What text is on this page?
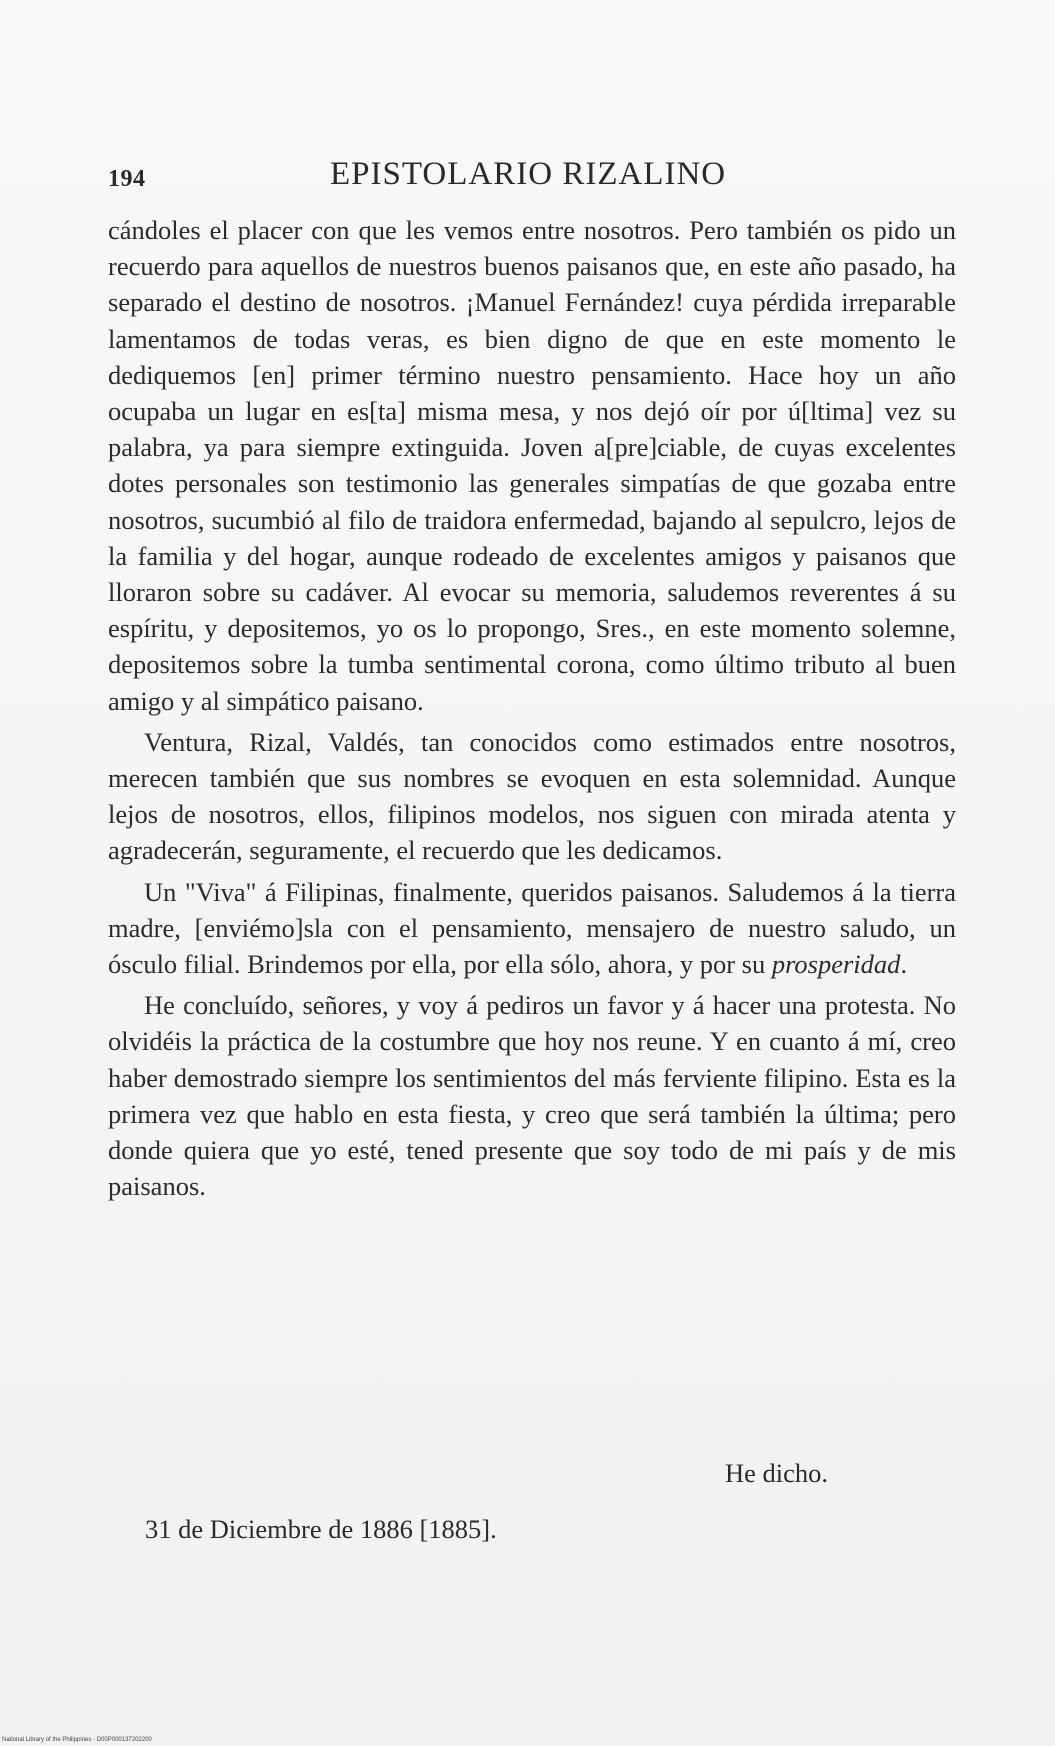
194	EPISTOLARIO RIZALINO

cándoles el placer con que les vemos entre nosotros. Pero también os pido un recuerdo para aquellos de nuestros buenos paisanos que, en este año pasado, ha separado el destino de nosotros. ¡Manuel Fernández! cuya pérdida irreparable lamentamos de todas veras, es bien digno de que en este momento le dediquemos [en] primer término nuestro pensamiento. Hace hoy un año ocupaba un lugar en es[ta] misma mesa, y nos dejó oír por ú[ltima] vez su palabra, ya para siempre extinguida. Joven a[pre]ciable, de cuyas excelentes dotes personales son testimonio las generales simpatías de que gozaba entre nosotros, sucumbió al filo de traidora enfermedad, bajando al sepulcro, lejos de la familia y del hogar, aunque rodeado de excelentes amigos y paisanos que lloraron sobre su cadáver. Al evocar su memoria, saludemos reverentes á su espíritu, y depositemos, yo os lo propongo, Sres., en este momento solemne, depositemos sobre la tumba sentimental corona, como último tributo al buen amigo y al simpático paisano.

Ventura, Rizal, Valdés, tan conocidos como estimados entre nosotros, merecen también que sus nombres se evoquen en esta solemnidad. Aunque lejos de nosotros, ellos, filipinos modelos, nos siguen con mirada atenta y agradecerán, seguramente, el recuerdo que les dedicamos.

Un "Viva" á Filipinas, finalmente, queridos paisanos. Saludemos á la tierra madre, [enviémo]sla con el pensamiento, mensajero de nuestro saludo, un ósculo filial. Brindemos por ella, por ella sólo, ahora, y por su prosperidad.

He concluído, señores, y voy á pediros un favor y á hacer una protesta. No olvidéis la práctica de la costumbre que hoy nos reune. Y en cuanto á mí, creo haber demostrado siempre los sentimientos del más ferviente filipino. Esta es la primera vez que hablo en esta fiesta, y creo que será también la última; pero donde quiera que yo esté, tened presente que soy todo de mi país y de mis paisanos.

He dicho.
31 de Diciembre de 1886 [1885].
National Library of the Philippines · D00P000137202200
